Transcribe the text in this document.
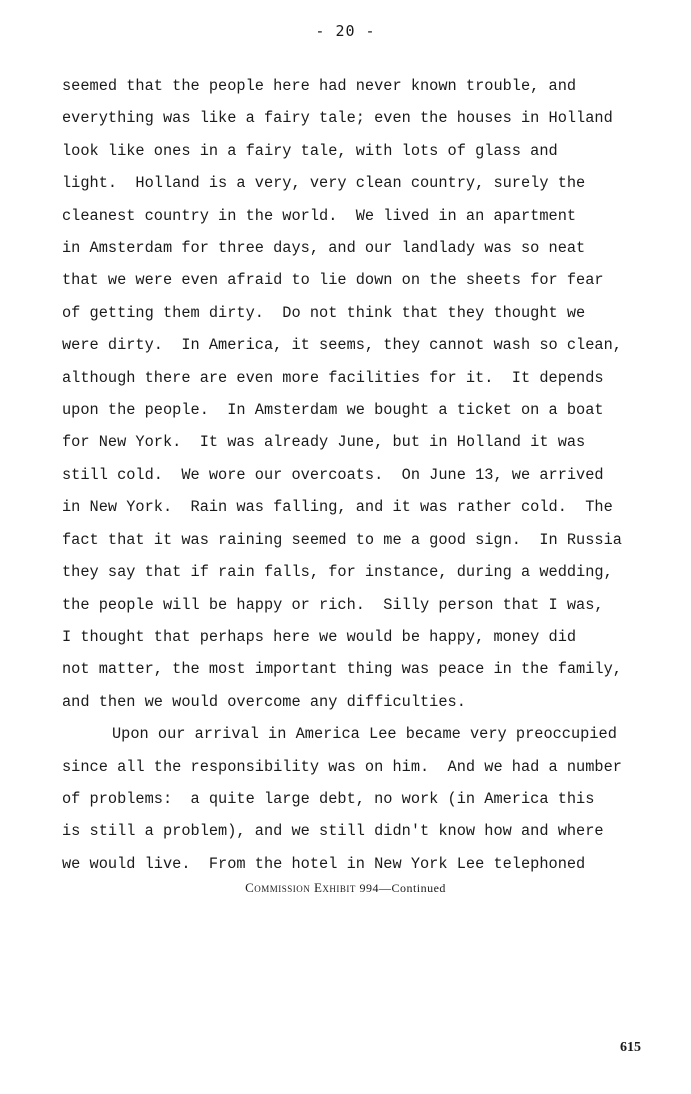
- 20 -
seemed that the people here had never known trouble, and
everything was like a fairy tale; even the houses in Holland
look like ones in a fairy tale, with lots of glass and
light.  Holland is a very, very clean country, surely the
cleanest country in the world.  We lived in an apartment
in Amsterdam for three days, and our landlady was so neat
that we were even afraid to lie down on the sheets for fear
of getting them dirty.  Do not think that they thought we
were dirty.  In America, it seems, they cannot wash so clean,
although there are even more facilities for it.  It depends
upon the people.  In Amsterdam we bought a ticket on a boat
for New York.  It was already June, but in Holland it was
still cold.  We wore our overcoats.  On June 13, we arrived
in New York.  Rain was falling, and it was rather cold.  The
fact that it was raining seemed to me a good sign.  In Russia
they say that if rain falls, for instance, during a wedding,
the people will be happy or rich.  Silly person that I was,
I thought that perhaps here we would be happy, money did
not matter, the most important thing was peace in the family,
and then we would overcome any difficulties.
Upon our arrival in America Lee became very preoccupied
since all the responsibility was on him.  And we had a number
of problems:  a quite large debt, no work (in America this
is still a problem), and we still didn't know how and where
we would live.  From the hotel in New York Lee telephoned
Commission Exhibit 994—Continued
615
